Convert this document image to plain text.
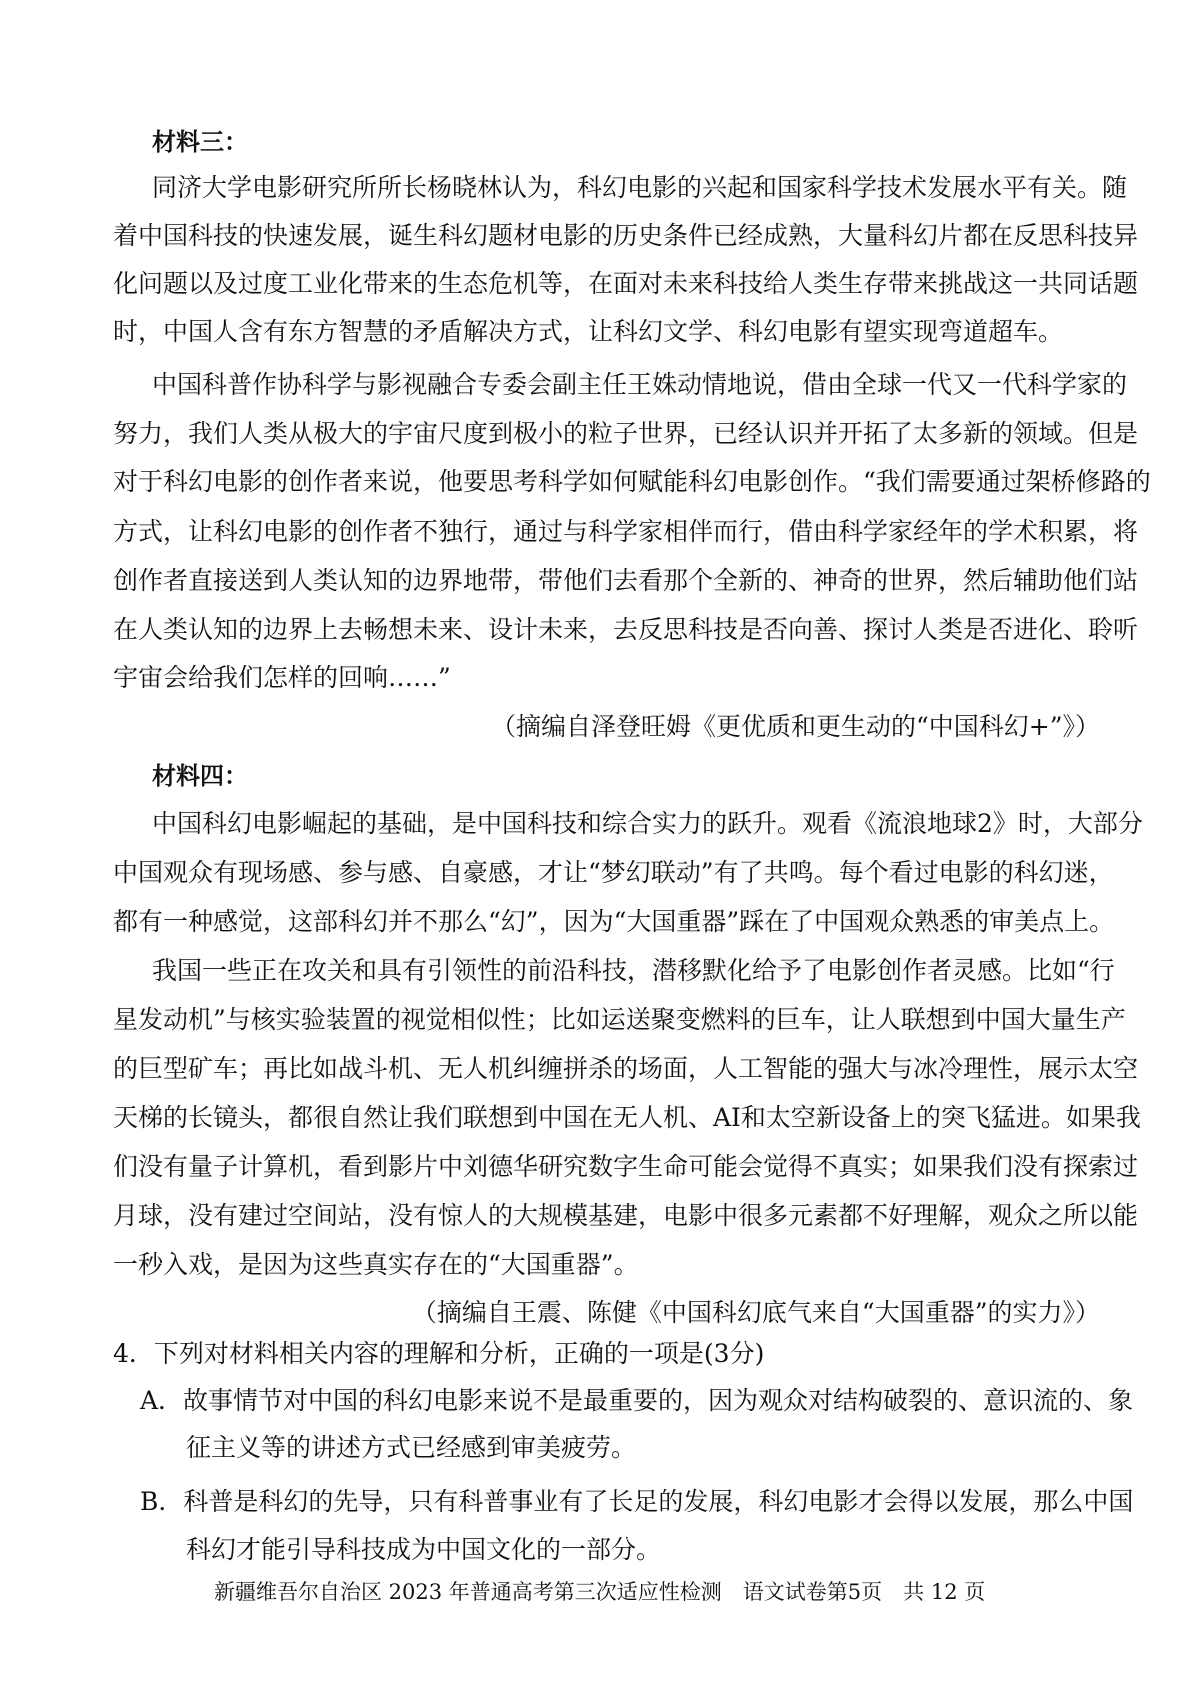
材料三：
同济大学电影研究所所长杨晓林认为，科幻电影的兴起和国家科学技术发展水平有关。随
着中国科技的快速发展，诞生科幻题材电影的历史条件已经成熟，大量科幻片都在反思科技异
化问题以及过度工业化带来的生态危机等，在面对未来科技给人类生存带来挑战这一共同话题
时，中国人含有东方智慧的矛盾解决方式，让科幻文学、科幻电影有望实现弯道超车。
中国科普作协科学与影视融合专委会副主任王姝动情地说，借由全球一代又一代科学家的
努力，我们人类从极大的宇宙尺度到极小的粒子世界，已经认识并开拓了太多新的领域。但是
对于科幻电影的创作者来说，他要思考科学如何赋能科幻电影创作。“我们需要通过架桥修路的
方式，让科幻电影的创作者不独行，通过与科学家相伴而行，借由科学家经年的学术积累，将
创作者直接送到人类认知的边界地带，带他们去看那个全新的、神奇的世界，然后辅助他们站
在人类认知的边界上去畅想未来、设计未来，去反思科技是否向善、探讨人类是否进化、聆听
宇宙会给我们怎样的回响……”
（摘编自泽登旺姆《更优质和更生动的“中国科幻+”》）
材料四：
中国科幻电影崛起的基础，是中国科技和综合实力的跃升。观看《流浪地球2》时，大部分
中国观众有现场感、参与感、自豪感，才让“梦幻联动”有了共鸣。每个看过电影的科幻迷，
都有一种感觉，这部科幻并不那么“幻”，因为“大国重器”踩在了中国观众熟悉的审美点上。
我国一些正在攻关和具有引领性的前沿科技，潜移默化给予了电影创作者灵感。比如“行
星发动机”与核实验装置的视觉相似性；比如运送聚变燃料的巨车，让人联想到中国大量生产
的巨型矿车；再比如战斗机、无人机纠缠拼杀的场面，人工智能的强大与冰冷理性，展示太空
天梯的长镜头，都很自然让我们联想到中国在无人机、AI和太空新设备上的突飞猛进。如果我
们没有量子计算机，看到影片中刘德华研究数字生命可能会觉得不真实；如果我们没有探索过
月球，没有建过空间站，没有惊人的大规模基建，电影中很多元素都不好理解，观众之所以能
一秒入戏，是因为这些真实存在的“大国重器”。
（摘编自王震、陈健《中国科幻底气来自“大国重器”的实力》）
4．下列对材料相关内容的理解和分析，正确的一项是(3分)
A．故事情节对中国的科幻电影来说不是最重要的，因为观众对结构破裂的、意识流的、象
征主义等的讲述方式已经感到审美疲劳。
B．科普是科幻的先导，只有科普事业有了长足的发展，科幻电影才会得以发展，那么中国
科幻才能引导科技成为中国文化的一部分。
新疆维吾尔自治区 2023 年普通高考第三次适应性检测　语文试卷第5页　共 12 页
